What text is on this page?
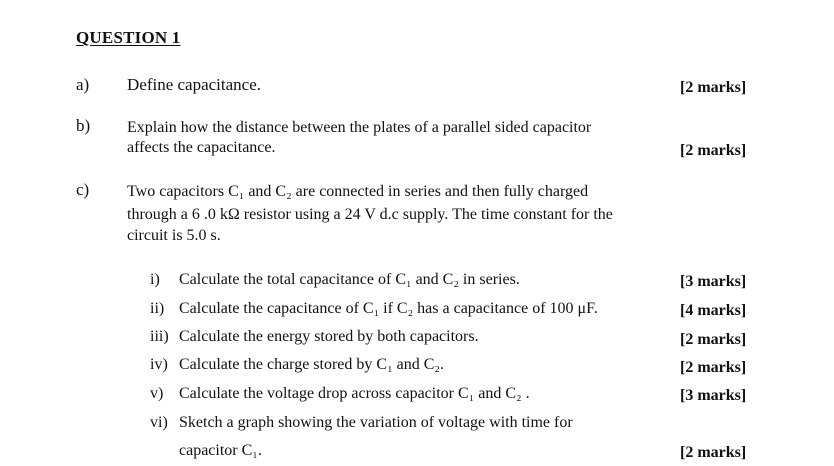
QUESTION 1
a) Define capacitance.	[2 marks]
b) Explain how the distance between the plates of a parallel sided capacitor
affects the capacitance.	[2 marks]
c) Two capacitors C₁ and C₂ are connected in series and then fully charged
through a 6 .0 kΩ resistor using a 24 V d.c supply. The time constant for the
circuit is 5.0 s.
i) Calculate the total capacitance of C₁ and C₂ in series.	[3 marks]
ii) Calculate the capacitance of C₁ if C₂ has a capacitance of 100 μF.	[4 marks]
iii) Calculate the energy stored by both capacitors.	[2 marks]
iv) Calculate the charge stored by C₁ and C₂.	[2 marks]
v) Calculate the voltage drop across capacitor C₁ and C₂ .	[3 marks]
vi) Sketch a graph showing the variation of voltage with time for
capacitor C₁.	[2 marks]
